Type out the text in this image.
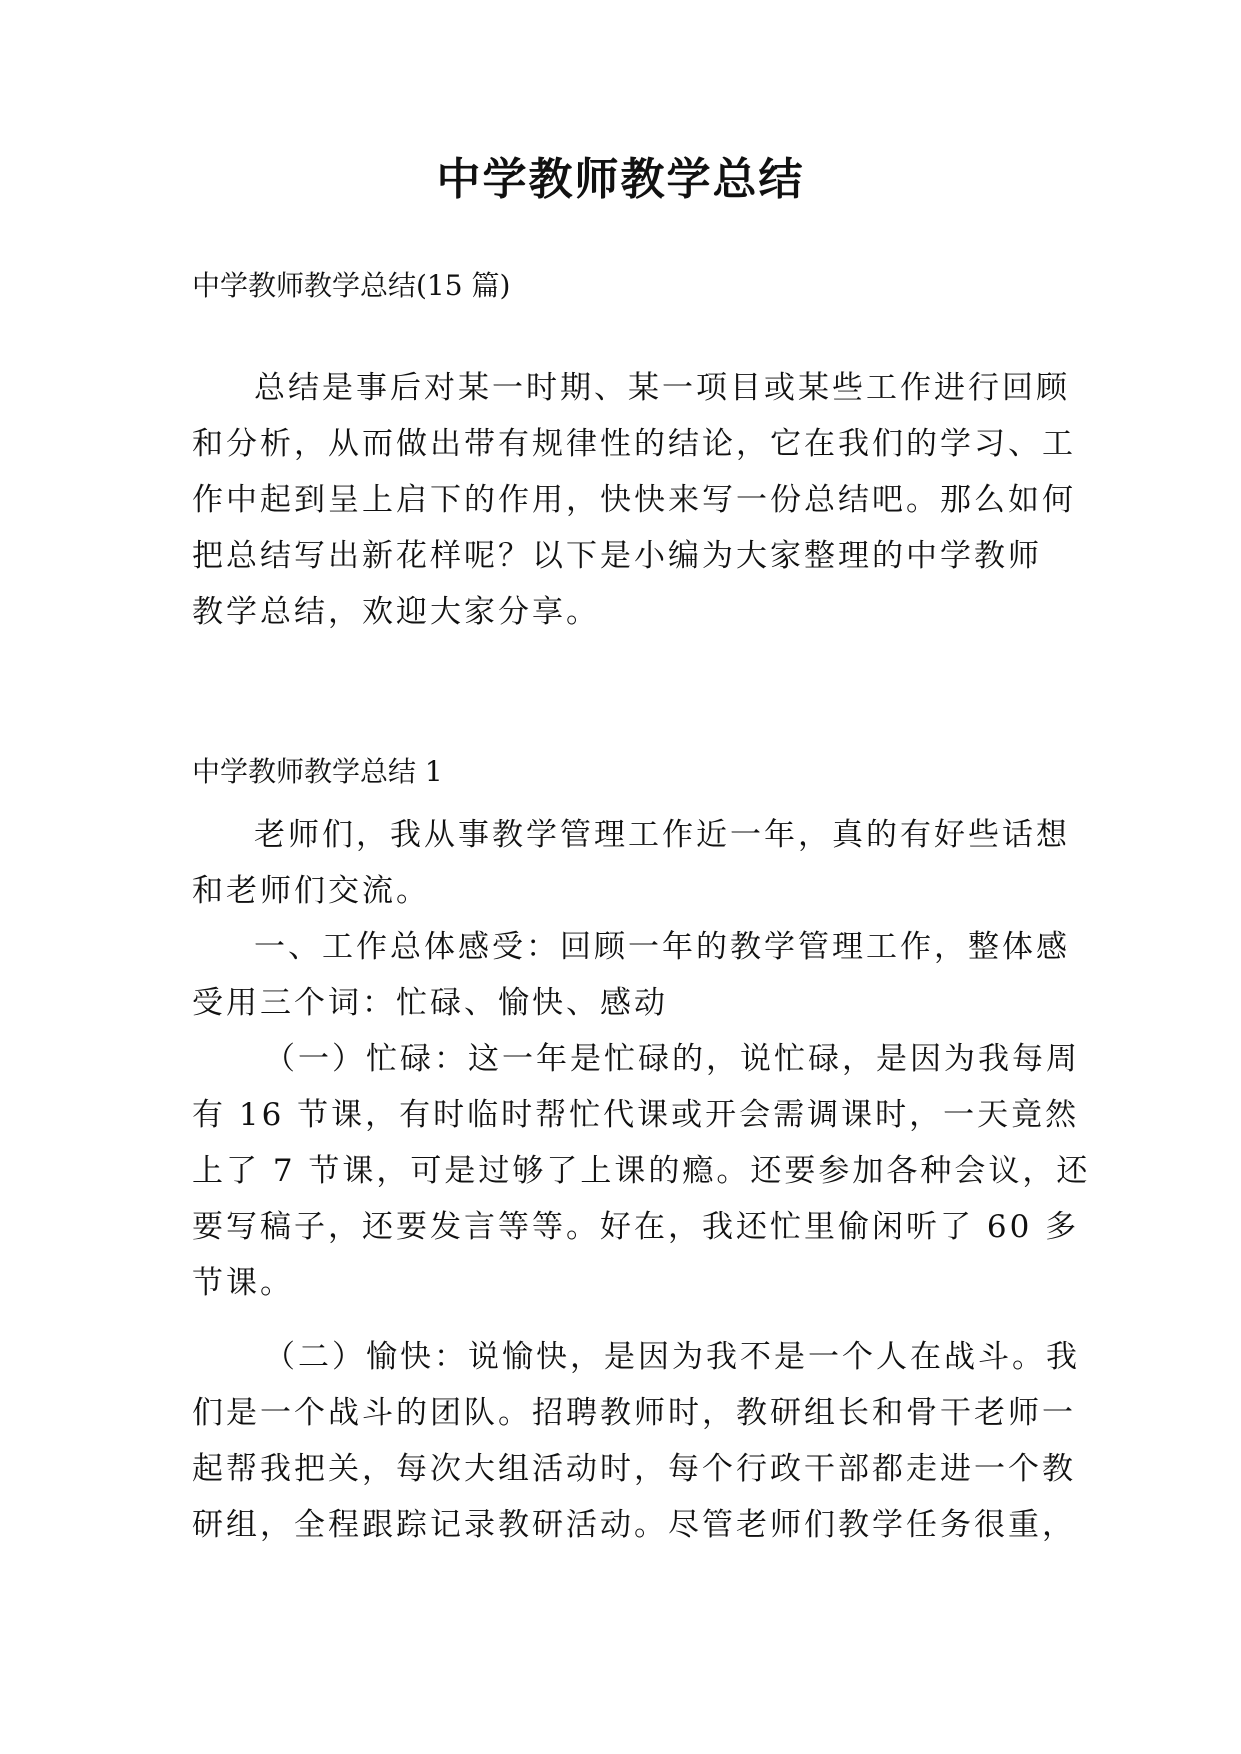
中学教师教学总结
中学教师教学总结(15 篇)
总结是事后对某一时期、某一项目或某些工作进行回顾
和分析，从而做出带有规律性的结论，它在我们的学习、工
作中起到呈上启下的作用，快快来写一份总结吧。那么如何
把总结写出新花样呢？以下是小编为大家整理的中学教师
教学总结，欢迎大家分享。
中学教师教学总结 1
老师们，我从事教学管理工作近一年，真的有好些话想
和老师们交流。
一、工作总体感受：回顾一年的教学管理工作，整体感
受用三个词：忙碌、愉快、感动
（一）忙碌：这一年是忙碌的，说忙碌，是因为我每周
有 16 节课，有时临时帮忙代课或开会需调课时，一天竟然
上了 7 节课，可是过够了上课的瘾。还要参加各种会议，还
要写稿子，还要发言等等。好在，我还忙里偷闲听了 60 多
节课。
（二）愉快：说愉快，是因为我不是一个人在战斗。我
们是一个战斗的团队。招聘教师时，教研组长和骨干老师一
起帮我把关，每次大组活动时，每个行政干部都走进一个教
研组，全程跟踪记录教研活动。尽管老师们教学任务很重，
